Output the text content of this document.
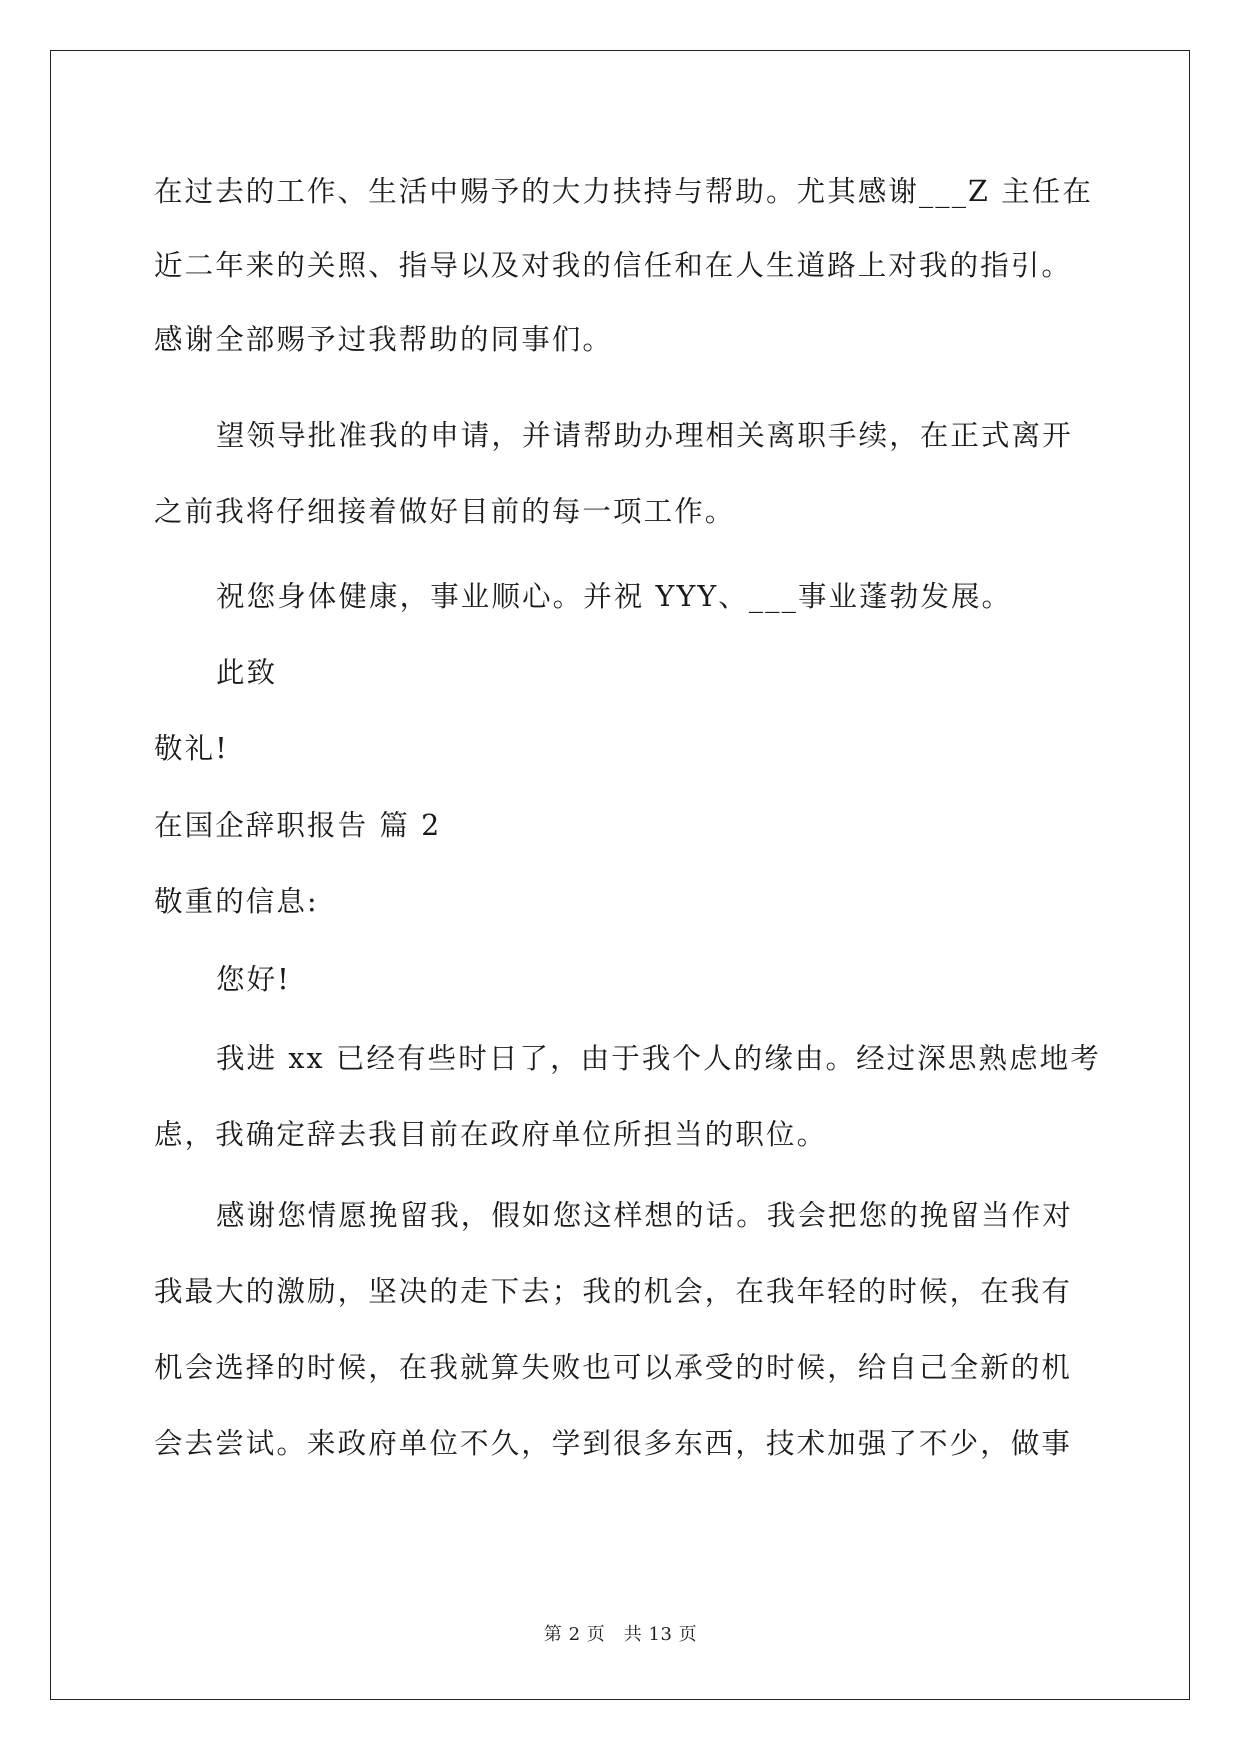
在过去的工作、生活中赐予的大力扶持与帮助。尤其感谢___Z 主任在
近二年来的关照、指导以及对我的信任和在人生道路上对我的指引。
感谢全部赐予过我帮助的同事们。
望领导批准我的申请，并请帮助办理相关离职手续，在正式离开
之前我将仔细接着做好目前的每一项工作。
祝您身体健康，事业顺心。并祝 YYY、___事业蓬勃发展。
此致
敬礼!
在国企辞职报告 篇 2
敬重的信息:
您好!
我进 xx 已经有些时日了，由于我个人的缘由。经过深思熟虑地考
虑，我确定辞去我目前在政府单位所担当的职位。
感谢您情愿挽留我，假如您这样想的话。我会把您的挽留当作对
我最大的激励，坚决的走下去；我的机会，在我年轻的时候，在我有
机会选择的时候，在我就算失败也可以承受的时候，给自己全新的机
会去尝试。来政府单位不久，学到很多东西，技术加强了不少，做事
第 2 页　共 13 页
